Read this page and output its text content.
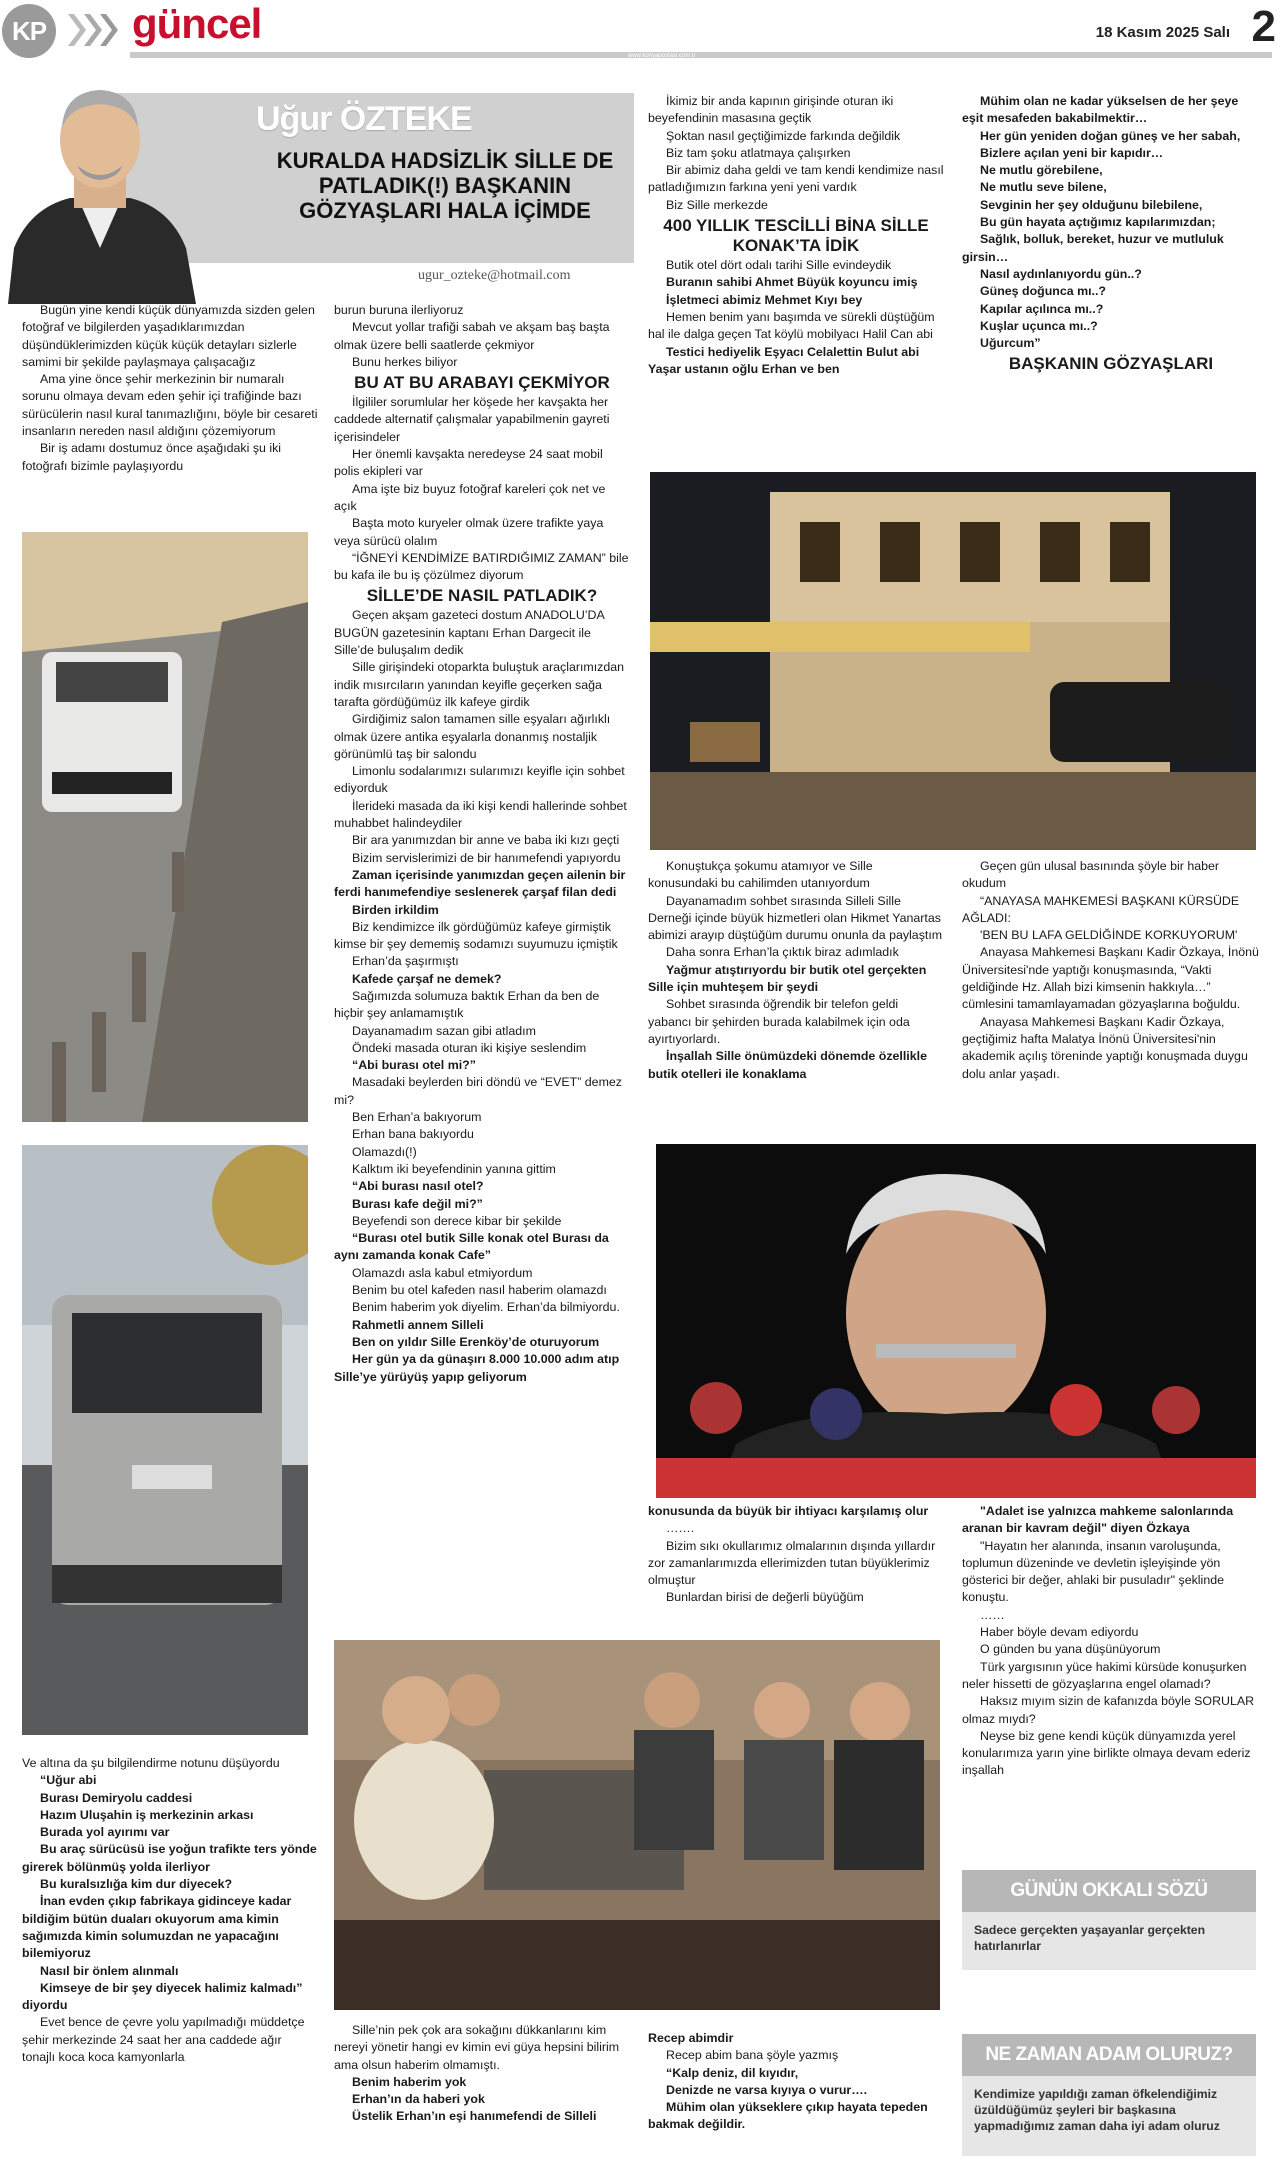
KP güncel
www.konyapostasi.com.tr
18 Kasım 2025 Salı 2
Uğur ÖZTEKE
KURALDA HADSİZLİK SİLLE DE PATLADIK(!) BAŞKANIN GÖZYAŞLARI HALA İÇİMDE
ugur_ozteke@hotmail.com

Bugün yine kendi küçük dünyamızda sizden gelen fotoğraf ve bilgilerden yaşadıklarımızdan düşündüklerimizden küçük küçük detayları sizlerle samimi bir şekilde paylaşmaya çalışacağız

Ama yine önce şehir merkezinin bir numaralı sorunu olmaya devam eden şehir içi trafiğinde bazı sürücülerin nasıl kural tanımazlığını, böyle bir cesareti insanların nereden nasıl aldığını çözemiyorum

Bir iş adamı dostumuz önce aşağıdaki şu iki fotoğrafı bizimle paylaşıyordu

Ve altına da şu bilgilendirme notunu düşüyordu

“Uğur abi

Burası Demiryolu caddesi

Hazım Uluşahin iş merkezinin arkası

Burada yol ayırımı var

Bu araç sürücüsü ise yoğun trafikte ters yönde girerek bölünmüş yolda ilerliyor

Bu kuralsızlığa kim dur diyecek?

İnan evden çıkıp fabrikaya gidinceye kadar bildiğim bütün duaları okuyorum ama kimin sağımızda kimin solumuzdan ne yapacağını bilemiyoruz

Nasıl bir önlem alınmalı

Kimseye de bir şey diyecek halimiz kalmadı” diyordu

Evet bence de çevre yolu yapılmadığı müddetçe şehir merkezinde 24 saat her ana caddede ağır tonajlı koca koca kamyonlarla

burun buruna ilerliyoruz

Mevcut yollar trafiği sabah ve akşam baş başta olmak üzere belli saatlerde çekmiyor

Bunu herkes biliyor

BU AT BU ARABAYI ÇEKMİYOR

İlgililer sorumlular her köşede her kavşakta her caddede alternatif çalışmalar yapabilmenin gayreti içerisindeler

Her önemli kavşakta neredeyse 24 saat mobil polis ekipleri var

Ama işte biz buyuz fotoğraf kareleri çok net ve açık

Başta moto kuryeler olmak üzere trafikte yaya veya sürücü olalım

“İĞNEYİ KENDİMİZE BATIRDIĞIMIZ ZAMAN” bile bu kafa ile bu iş çözülmez diyorum

SİLLE’DE NASIL PATLADIK?

Geçen akşam gazeteci dostum ANADOLU’DA BUGÜN gazetesinin kaptanı Erhan Dargecit ile Sille’de buluşalım dedik

Sille girişindeki otoparkta buluştuk araçlarımızdan indik mısırcıların yanından keyifle geçerken sağa tarafta gördüğümüz ilk kafeye girdik

Girdiğimiz salon tamamen sille eşyaları ağırlıklı olmak üzere antika eşyalarla donanmış nostaljik görünümlü taş bir salondu

Limonlu sodalarımızı sularımızı keyifle için sohbet ediyorduk

İlerideki masada da iki kişi kendi hallerinde sohbet muhabbet halindeydiler

Bir ara yanımızdan bir anne ve baba iki kızı geçti

Bizim servislerimizi de bir hanımefendi yapıyordu

Zaman içerisinde yanımızdan geçen ailenin bir ferdi hanımefendiye seslenerek çarşaf filan dedi

Birden irkildim

Biz kendimizce ilk gördüğümüz kafeye girmiştik kimse bir şey dememiş sodamızı suyumuzu içmiştik

Erhan’da şaşırmıştı

Kafede çarşaf ne demek?

Sağımızda solumuza baktık Erhan da ben de hiçbir şey anlamamıştık

Dayanamadım sazan gibi atladım

Öndeki masada oturan iki kişiye seslendim

“Abi burası otel mi?”

Masadaki beylerden biri döndü ve “EVET” demez mi?

Ben Erhan’a bakıyorum

Erhan bana bakıyordu

Olamazdı(!)

Kalktım iki beyefendinin yanına gittim

“Abi burası nasıl otel?

Burası kafe değil mi?”

Beyefendi son derece kibar bir şekilde

“Burası otel butik Sille konak otel Burası da aynı zamanda konak Cafe”

Olamazdı asla kabul etmiyordum

Benim bu otel kafeden nasıl haberim olamazdı

Benim haberim yok diyelim. Erhan’da bilmiyordu.

Rahmetli annem Silleli

Ben on yıldır Sille Erenköy’de oturuyorum

Her gün ya da günaşırı 8.000 10.000 adım atıp Sille’ye yürüyüş yapıp geliyorum

Sille’nin pek çok ara sokağını dükkanlarını kim nereyi yönetir hangi ev kimin evi güya hepsini bilirim ama olsun haberim olmamıştı.

Benim haberim yok

Erhan’ın da haberi yok

Üstelik Erhan’ın eşi hanımefendi de Silleli

İkimiz bir anda kapının girişinde oturan iki beyefendinin masasına geçtik

Şoktan nasıl geçtiğimizde farkında değildik

Biz tam şoku atlatmaya çalışırken

Bir abimiz daha geldi ve tam kendi kendimize nasıl patladığımızın farkına yeni yeni vardık

Biz Sille merkezde

400 YILLIK TESCİLLİ BİNA SİLLE KONAK’TA İDİK

Butik otel dört odalı tarihi Sille evindeydik

Buranın sahibi Ahmet Büyük koyuncu imiş

İşletmeci abimiz Mehmet Kıyı bey

Hemen benim yanı başımda ve sürekli düştüğüm hal ile dalga geçen Tat köylü mobilyacı Halil Can abi

Testici hediyelik Eşyacı Celalettin Bulut abi Yaşar ustanın oğlu Erhan ve ben

Konuştukça şokumu atamıyor ve Sille konusundaki bu cahilimden utanıyordum

Dayanamadım sohbet sırasında Silleli Sille Derneği içinde büyük hizmetleri olan Hikmet Yanartas abimizi arayıp düştüğüm durumu onunla da paylaştım

Daha sonra Erhan’la çıktık biraz adımladık

Yağmur atıştırıyordu bir butik otel gerçekten Sille için muhteşem bir şeydi

Sohbet sırasında öğrendik bir telefon geldi yabancı bir şehirden burada kalabilmek için oda ayırtıyorlardı.

İnşallah Sille önümüzdeki dönemde özellikle butik otelleri ile konaklama

konusunda da büyük bir ihtiyacı karşılamış olur

…….

Bizim sıkı okullarımız olmalarının dışında yıllardır zor zamanlarımızda ellerimizden tutan büyüklerimiz olmuştur

Bunlardan birisi de değerli büyüğüm

Recep abimdir

Recep abim bana şöyle yazmış

“Kalp deniz, dil kıyıdır,

Denizde ne varsa kıyıya o vurur….

Mühim olan yükseklere çıkıp hayata tepeden bakmak değildir.

Mühim olan ne kadar yükselsen de her şeye eşit mesafeden bakabilmektir…

Her gün yeniden doğan güneş ve her sabah,

Bizlere açılan yeni bir kapıdır…

Ne mutlu görebilene,

Ne mutlu seve bilene,

Sevginin her şey olduğunu bilebilene,

Bu gün hayata açtığımız kapılarımızdan;

Sağlık, bolluk, bereket, huzur ve mutluluk girsin…

Nasıl aydınlanıyordu gün..?

Güneş doğunca mı..?

Kapılar açılınca mı..?

Kuşlar uçunca mı..?

Uğurcum”

BAŞKANIN GÖZYAŞLARI

Geçen gün ulusal basınında şöyle bir haber okudum

“ANAYASA MAHKEMESİ BAŞKANI KÜRSÜDE AĞLADI:

'BEN BU LAFA GELDİĞİNDE KORKUYORUM'

Anayasa Mahkemesi Başkanı Kadir Özkaya, İnönü Üniversitesi'nde yaptığı konuşmasında, “Vakti geldiğinde Hz. Allah bizi kimsenin hakkıyla…” cümlesini tamamlayamadan gözyaşlarına boğuldu.

Anayasa Mahkemesi Başkanı Kadir Özkaya, geçtiğimiz hafta Malatya İnönü Üniversitesi'nin akademik açılış töreninde yaptığı konuşmada duygu dolu anlar yaşadı.

"Adalet ise yalnızca mahkeme salonlarında aranan bir kavram değil" diyen Özkaya

"Hayatın her alanında, insanın varoluşunda, toplumun düzeninde ve devletin işleyişinde yön gösterici bir değer, ahlaki bir pusuladır" şeklinde konuştu.

……

Haber böyle devam ediyordu

O günden bu yana düşünüyorum

Türk yargısının yüce hakimi kürsüde konuşurken neler hissetti de gözyaşlarına engel olamadı?

Haksız mıyım sizin de kafanızda böyle SORULAR olmaz mıydı?

Neyse biz gene kendi küçük dünyamızda yerel konularımıza yarın yine birlikte olmaya devam ederiz inşallah

GÜNÜN OKKALI SÖZÜ
Sadece gerçekten yaşayanlar gerçekten hatırlanırlar
NE ZAMAN ADAM OLURUZ?
Kendimize yapıldığı zaman öfkelendiğimiz üzüldüğümüz şeyleri bir başkasına yapmadığımız zaman daha iyi adam oluruz
